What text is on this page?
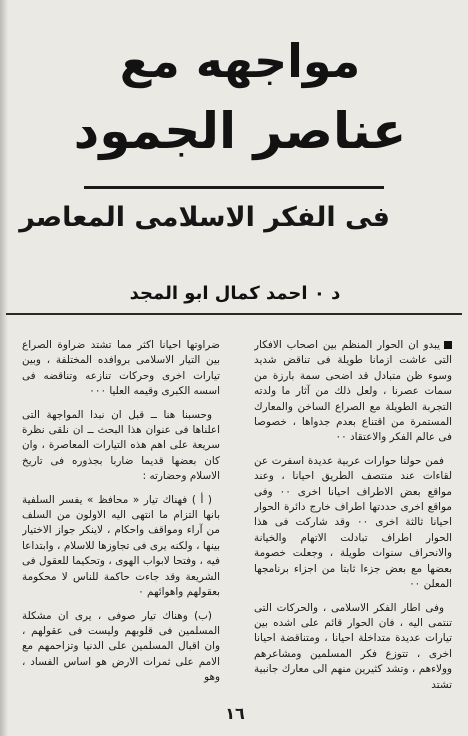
مواجهه مع
عناصر الجمود
فى الفكر الاسلامى المعاصر
د ٠ احمد كمال ابو المجد

يبدو ان الحوار المنظم بين اصحاب الافكار التى عاشت ازمانا طويلة فى تناقض شديد وسوء ظن متبادل قد اضحى سمة بارزة من سمات عصرنا ، ولعل ذلك من آثار ما ولدته التجربة الطويلة مع الصراع الساخن والمعارك المستمرة من اقتناع بعدم جدواها ، خصوصا فى عالم الفكر والاعتقاد ٠٠

فمن حولنا حوارات عربية عديدة اسفرت عن لقاءات عند منتصف الطريق احيانا ، وعند مواقع بعض الاطراف احيانا اخرى ٠٠ وفى مواقع اخرى حددتها اطراف خارج دائرة الحوار احيانا ثالثة اخرى ٠٠ وقد شاركت فى هذا الحوار اطراف تبادلت الاتهام والخيانة والانحراف سنوات طويلة ، وجعلت خصومة بعضها مع بعض جزءا ثابتا من اجزاء برنامجها المعلن ٠٠

وفى اطار الفكر الاسلامى ، والحركات التى تنتمى اليه ، فان الحوار قائم على اشده بين تيارات عديدة متداخلة احيانا ، ومتناقضة احيانا اخرى ، تتوزع فكر المسلمين ومشاعرهم وولاءهم ، وتشد كثيرين منهم الى معارك جانبية تشتد

ضراوتها احيانا اكثر مما تشتد ضراوة الصراع بين التيار الاسلامى بروافده المختلفة ، وبين تيارات اخرى وحركات تنازعه وتناقضه فى اسسه الكبرى وقيمه العليا ٠٠٠

وحسبنا هنا ــ قبل ان نبدا المواجهة التى اعلناها فى عنوان هذا البحث ــ ان نلقى نظرة سريعة على اهم هذه التيارات المعاصرة ، وان كان بعضها قديما ضاربا بجذوره فى تاريخ الاسلام وحضارته :

( أ ) فهناك تيار « محافظ » يفسر السلفية بانها التزام ما انتهى اليه الاولون من السلف من آراء ومواقف واحكام ، لاينكر جواز الاختيار بينها ، ولكنه يرى فى تجاوزها للاسلام ، وابتداعا فيه ، وفتحا لابواب الهوى ، وتحكيما للعقول فى الشريعة وقد جاءت حاكمة للناس لا محكومة بعقولهم واهوائهم ٠

(ب) وهناك تيار صوفى ، يرى ان مشكلة المسلمين فى قلوبهم وليست فى عقولهم ، وان اقبال المسلمين على الدنيا وتزاحمهم مع الامم على ثمرات الارض هو اساس الفساد ، وهو

١٦
